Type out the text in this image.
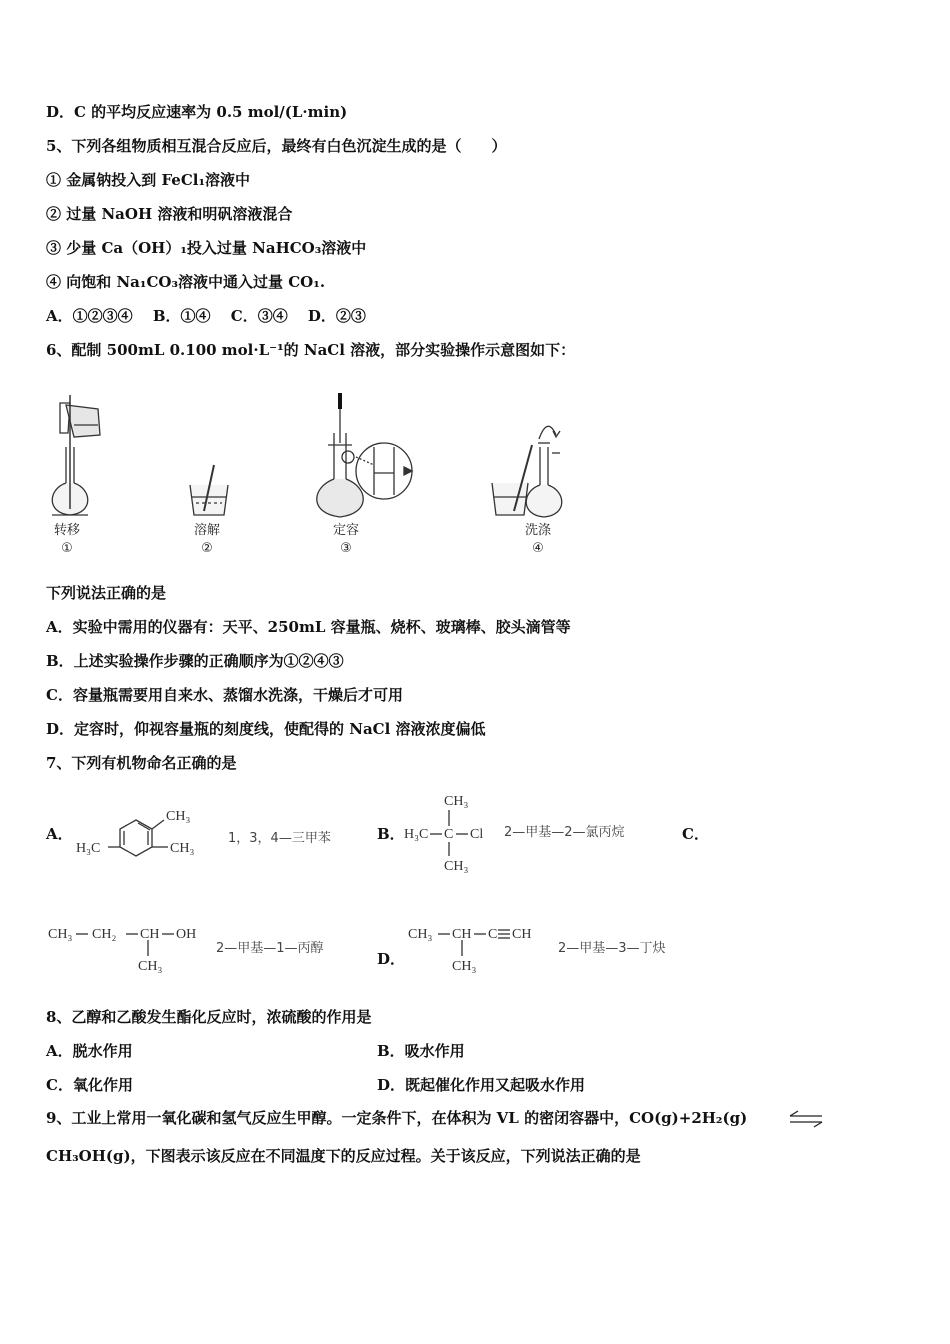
D．C 的平均反应速率为 0.5 mol/(L·min)
5、下列各组物质相互混合反应后，最终有白色沉淀生成的是（　　）
① 金属钠投入到 FeCl₁溶液中
② 过量 NaOH 溶液和明矾溶液混合
③ 少量 Ca（OH）₁投入过量 NaHCO₃溶液中
④ 向饱和 Na₁CO₃溶液中通入过量 CO₁.
A．①②③④　 B．①④　 C．③④　 D．②③
6、配制 500mL 0.100 mol·L⁻¹的 NaCl 溶液，部分实验操作示意图如下：
转移
①
溶解
②
定容
③
洗涤
④
下列说法正确的是
A．实验中需用的仪器有：天平、250mL 容量瓶、烧杯、玻璃棒、胶头滴管等
B．上述实验操作步骤的正确顺序为①②④③
C．容量瓶需要用自来水、蒸馏水洗涤，干燥后才可用
D．定容时，仰视容量瓶的刻度线，使配得的 NaCl 溶液浓度偏低
7、下列有机物命名正确的是
A．
CH₃
H₃C	CH₃
1，3，4—三甲苯	B．
CH₃
H₃C C Cl
CH₃
2—甲基—2—氯丙烷	C．
CH₃ CH₂ CH OH
CH₃
2—甲基—1—丙醇
D．
CH₃ CH C CH
CH₃
2—甲基—3—丁炔
8、乙醇和乙酸发生酯化反应时，浓硫酸的作用是
A．脱水作用	B．吸水作用
C．氧化作用	D．既起催化作用又起吸水作用
9、工业上常用一氧化碳和氢气反应生甲醇。一定条件下，在体积为 VL 的密闭容器中，CO(g)+2H₂(g)
CH₃OH(g)，下图表示该反应在不同温度下的反应过程。关于该反应，下列说法正确的是
